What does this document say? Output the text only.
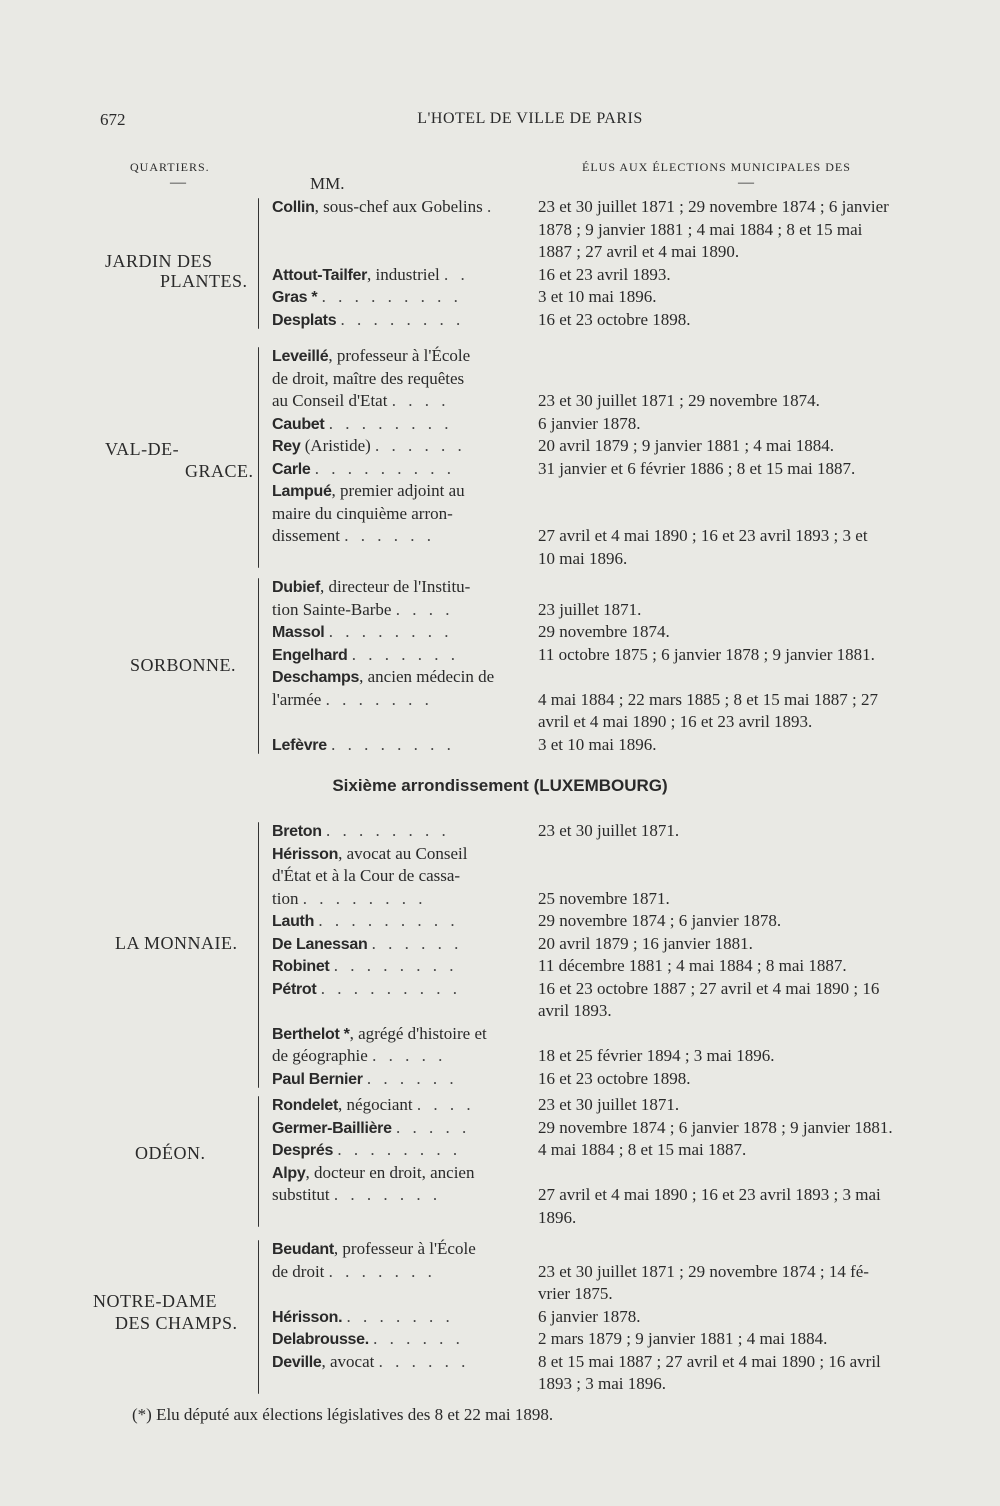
672	L'HOTEL DE VILLE DE PARIS
QUARTIERS.	ÉLUS AUX ÉLECTIONS MUNICIPALES DES
—	MM.	—
Sixième arrondissement (LUXEMBOURG)
Collin, sous-chef aux Gobelins .	23 et 30 juillet 1871 ; 29 novembre 1874 ; 6 janvier
1878 ; 9 janvier 1881 ; 4 mai 1884 ; 8 et 15 mai
1887 ; 27 avril et 4 mai 1890.
Attout-Tailfer, industriel . .	16 et 23 avril 1893.
Gras * . . . . . . . . .	3 et 10 mai 1896.
Desplats . . . . . . . .	16 et 23 octobre 1898.
JARDIN DES
PLANTES.
Leveillé, professeur à l'École
de droit, maître des requêtes
au Conseil d'Etat . . . .	23 et 30 juillet 1871 ; 29 novembre 1874.
Caubet . . . . . . . .	6 janvier 1878.
Rey (Aristide) . . . . . .	20 avril 1879 ; 9 janvier 1881 ; 4 mai 1884.
Carle . . . . . . . . .	31 janvier et 6 février 1886 ; 8 et 15 mai 1887.
Lampué, premier adjoint au
maire du cinquième arron-
dissement . . . . . .	27 avril et 4 mai 1890 ; 16 et 23 avril 1893 ; 3 et
10 mai 1896.
VAL-DE-
GRACE.
Dubief, directeur de l'Institu-
tion Sainte-Barbe . . . .	23 juillet 1871.
Massol . . . . . . . .	29 novembre 1874.
Engelhard . . . . . . .	11 octobre 1875 ; 6 janvier 1878 ; 9 janvier 1881.
Deschamps, ancien médecin de
l'armée . . . . . . .	4 mai 1884 ; 22 mars 1885 ; 8 et 15 mai 1887 ; 27
avril et 4 mai 1890 ; 16 et 23 avril 1893.
Lefèvre . . . . . . . .	3 et 10 mai 1896.
SORBONNE.
Breton . . . . . . . .	23 et 30 juillet 1871.
Hérisson, avocat au Conseil
d'État et à la Cour de cassa-
tion . . . . . . . .	25 novembre 1871.
Lauth . . . . . . . . .	29 novembre 1874 ; 6 janvier 1878.
De Lanessan . . . . . .	20 avril 1879 ; 16 janvier 1881.
Robinet . . . . . . . .	11 décembre 1881 ; 4 mai 1884 ; 8 mai 1887.
Pétrot . . . . . . . . .	16 et 23 octobre 1887 ; 27 avril et 4 mai 1890 ; 16
avril 1893.
Berthelot *, agrégé d'histoire et
de géographie . . . . .	18 et 25 février 1894 ; 3 mai 1896.
Paul Bernier . . . . . .	16 et 23 octobre 1898.
LA MONNAIE.
Rondelet, négociant . . . .	23 et 30 juillet 1871.
Germer-Baillière . . . . .	29 novembre 1874 ; 6 janvier 1878 ; 9 janvier 1881.
Després . . . . . . . .	4 mai 1884 ; 8 et 15 mai 1887.
Alpy, docteur en droit, ancien
substitut . . . . . . .	27 avril et 4 mai 1890 ; 16 et 23 avril 1893 ; 3 mai
1896.
ODÉON.
Beudant, professeur à l'École
de droit . . . . . . .	23 et 30 juillet 1871 ; 29 novembre 1874 ; 14 fé-
vrier 1875.
Hérisson. . . . . . . .	6 janvier 1878.
Delabrousse. . . . . . .	2 mars 1879 ; 9 janvier 1881 ; 4 mai 1884.
Deville, avocat . . . . . .	8 et 15 mai 1887 ; 27 avril et 4 mai 1890 ; 16 avril
1893 ; 3 mai 1896.
NOTRE-DAME
DES CHAMPS.
(*) Elu député aux élections législatives des 8 et 22 mai 1898.
